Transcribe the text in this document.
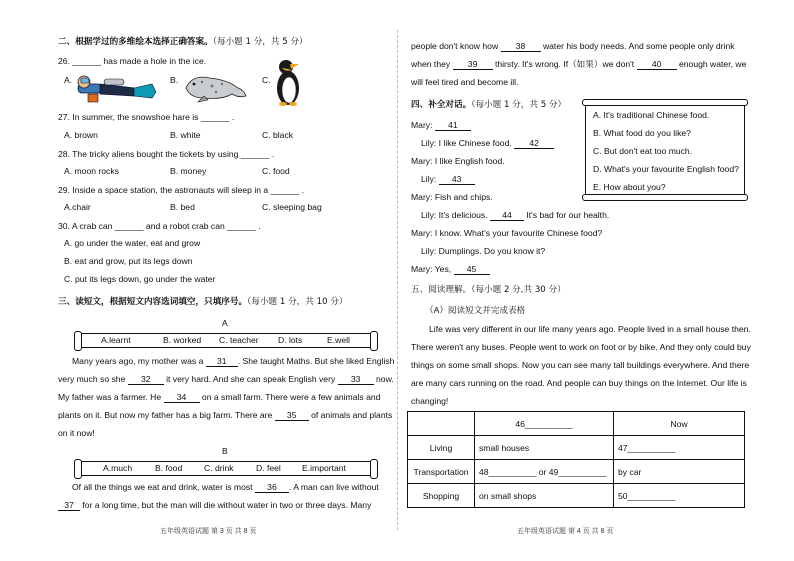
二、根据学过的多维绘本选择正确答案。（每小题 1 分，共 5 分）
26. ______ has made a hole in the ice.
A.	B.	C.
27. In summer, the snowshoe hare is ______ .
A. brown	B. white	C. black
28. The tricky aliens bought the tickets by using ______ .
A. moon rocks	B. money	C. food
29. Inside a space station, the astronauts will sleep in a ______ .
A.chair	B. bed	C. sleeping bag
30. A crab can ______ and a robot crab can ______ .
A. go under the water, eat and grow
B. eat and grow, put its legs down
C. put its legs down, go under the water
三、读短文，根据短文内容选词填空，只填序号。（每小题 1 分，共 10 分）
A
A.learnt	B. worked C. teacher D. lots	E.well
Many years ago, my mother was a 31 . She taught Maths. But she liked English
very much so she 32 it very hard. And she can speak English very 33 now.
My father was a farmer. He 34 on a small farm. There were a few animals and
plants on it. But now my father has a big farm. There are 35 of animals and plants
on it now!
B
A.much	B. food	C. drink	D. feel E.important
Of all the things we eat and drink, water is most 36 . A man can live without
37 for a long time, but the man will die without water in two or three days. Many
五年级英语试题 第 3 页 共 8 页
people don't know how 38 water his body needs. And some people only drink
when they 39 thirsty. It's wrong. If（如果）we don't 40 enough water, we
will feel tired and become ill.
四、补全对话。（每小题 1 分，共 5 分）
A. It's traditional Chinese food.
B. What food do you like?
C. But don't eat too much.
D. What's your favourite English food?
E. How about you?
Mary: 41
Lily: I like Chinese food. 42
Mary: I like English food.
Lily: 43
Mary: Fish and chips.
Lily: It's delicious. 44 It's bad for our health.
Mary: I know. What's your favourite Chinese food?
Lily: Dumplings. Do you know it?
Mary: Yes, 45
五、阅读理解。（每小题 2 分,共 30 分）
（A）阅读短文并完成表格
Life was very different in our life many years ago. People lived in a small house then.
There weren't any buses. People went to work on foot or by bike. And they only could buy
things on some small shops. Now you can see many tall buildings everywhere. And there
are many cars running on the road. And people can buy things on the Internet. Our life is
changing!
	46__________	Now
Living	small houses	47__________
Transportation	48__________ or 49__________	by car
Shopping	on small shops	50__________
五年级英语试题 第 4 页 共 8 页
